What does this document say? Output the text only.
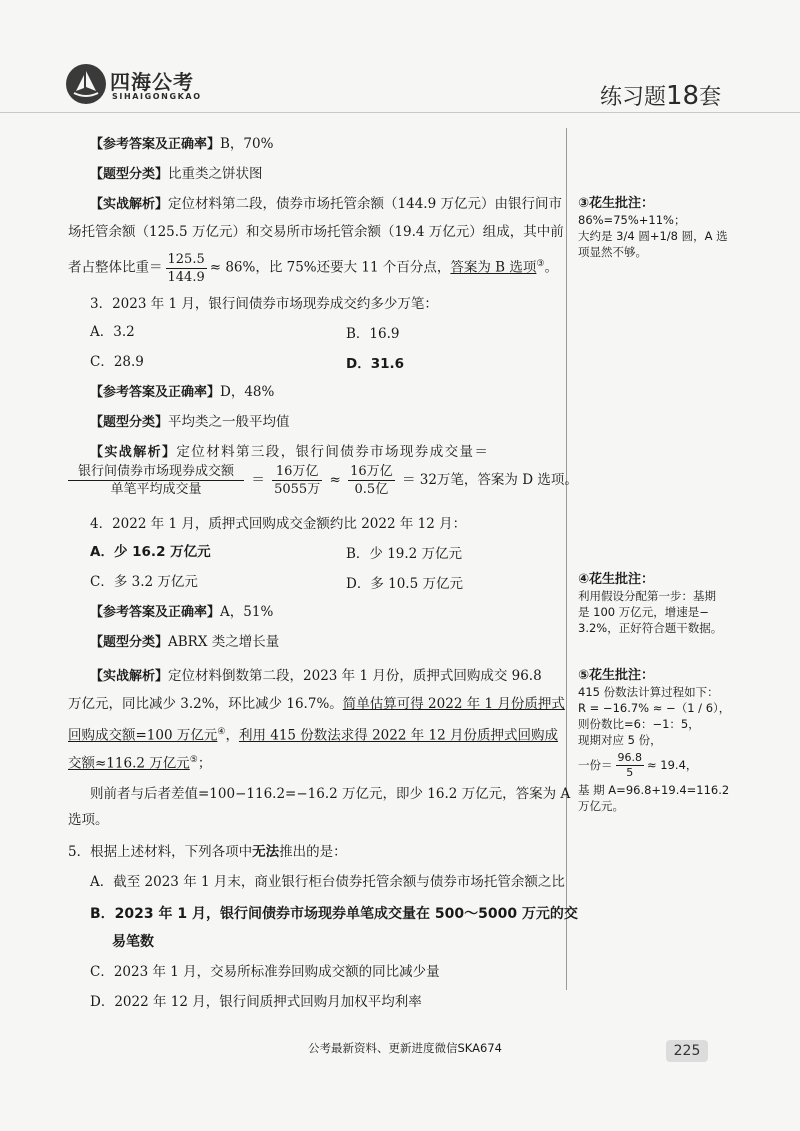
四海公考
SIHAIGONGKAO	练习题18套
【参考答案及正确率】B，70%
【题型分类】比重类之饼状图
【实战解析】定位材料第二段，债券市场托管余额（144.9 万亿元）由银行间市
场托管余额（125.5 万亿元）和交易所市场托管余额（19.4 万亿元）组成，其中前
者占整体比重＝ $\frac{125.5}{144.9} \approx 86\%$，比 75%还要大 11 个百分点，答案为 B 选项③。
3．2023 年 1 月，银行间债券市场现券成交约多少万笔：
A．3.2	B．16.9
C．28.9	D．31.6
【参考答案及正确率】D，48%
【题型分类】平均类之一般平均值
【实战解析】定位材料第三段，银行间债券市场现券成交量＝
$\frac{\text{银行间债券市场现券成交额}}{\text{单笔平均成交量}} = \frac{\text{16万亿}}{\text{5055万}} \approx \frac{\text{16万亿}}{\text{0.5亿}} = 32$万笔，答案为 D 选项。
4．2022 年 1 月，质押式回购成交金额约比 2022 年 12 月：
A．少 16.2 万亿元	B．少 19.2 万亿元
C．多 3.2 万亿元	D．多 10.5 万亿元
【参考答案及正确率】A，51%
【题型分类】ABRX 类之增长量
【实战解析】定位材料倒数第二段，2023 年 1 月份，质押式回购成交 96.8
万亿元，同比减少 3.2%，环比减少 16.7%。简单估算可得 2022 年 1 月份质押式
回购成交额=100 万亿元④，利用 415 份数法求得 2022 年 12 月份质押式回购成
交额≈116.2 万亿元⑤；
则前者与后者差值=100−116.2=−16.2 万亿元，即少 16.2 万亿元，答案为 A
选项。
5．根据上述材料，下列各项中无法推出的是：
A．截至 2023 年 1 月末，商业银行柜台债券托管余额与债券市场托管余额之比
B．2023 年 1 月，银行间债券市场现券单笔成交量在 500～5000 万元的交
易笔数
C．2023 年 1 月，交易所标准券回购成交额的同比减少量
D．2022 年 12 月，银行间质押式回购月加权平均利率
③花生批注：
86%=75%+11%；
大约是 3/4 圆+1/8 圆，A 选
项显然不够。
④花生批注：
利用假设分配第一步：基期
是 100 万亿元，增速是−
3.2%，正好符合题干数据。
⑤花生批注：
415 份数法计算过程如下：
R = −16.7% ≈ −（1 / 6），
则份数比=6：−1：5，
现期对应 5 份，
一份＝ $\frac{96.8}{5} \approx 19.4$，
基 期 A=96.8+19.4=116.2
万亿元。
公考最新资料、更新进度微信SKA674	225
